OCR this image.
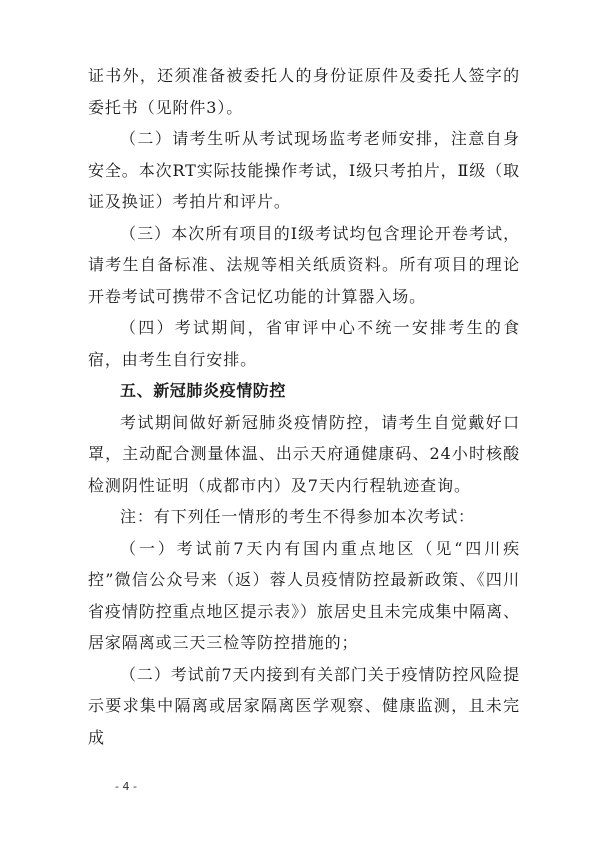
证书外，还须准备被委托人的身份证原件及委托人签字的委托书（见附件3）。

（二）请考生听从考试现场监考老师安排，注意自身安全。本次RT实际技能操作考试，Ⅰ级只考拍片，Ⅱ级（取证及换证）考拍片和评片。

（三）本次所有项目的Ⅰ级考试均包含理论开卷考试，请考生自备标准、法规等相关纸质资料。所有项目的理论开卷考试可携带不含记忆功能的计算器入场。

（四）考试期间，省审评中心不统一安排考生的食宿，由考生自行安排。

五、新冠肺炎疫情防控

考试期间做好新冠肺炎疫情防控，请考生自觉戴好口罩，主动配合测量体温、出示天府通健康码、24小时核酸检测阴性证明（成都市内）及7天内行程轨迹查询。

注：有下列任一情形的考生不得参加本次考试：

（一）考试前7天内有国内重点地区（见“四川疾控”微信公众号来（返）蓉人员疫情防控最新政策、《四川省疫情防控重点地区提示表》）旅居史且未完成集中隔离、居家隔离或三天三检等防控措施的；

（二）考试前7天内接到有关部门关于疫情防控风险提示要求集中隔离或居家隔离医学观察、健康监测，且未完成

- 4 -
